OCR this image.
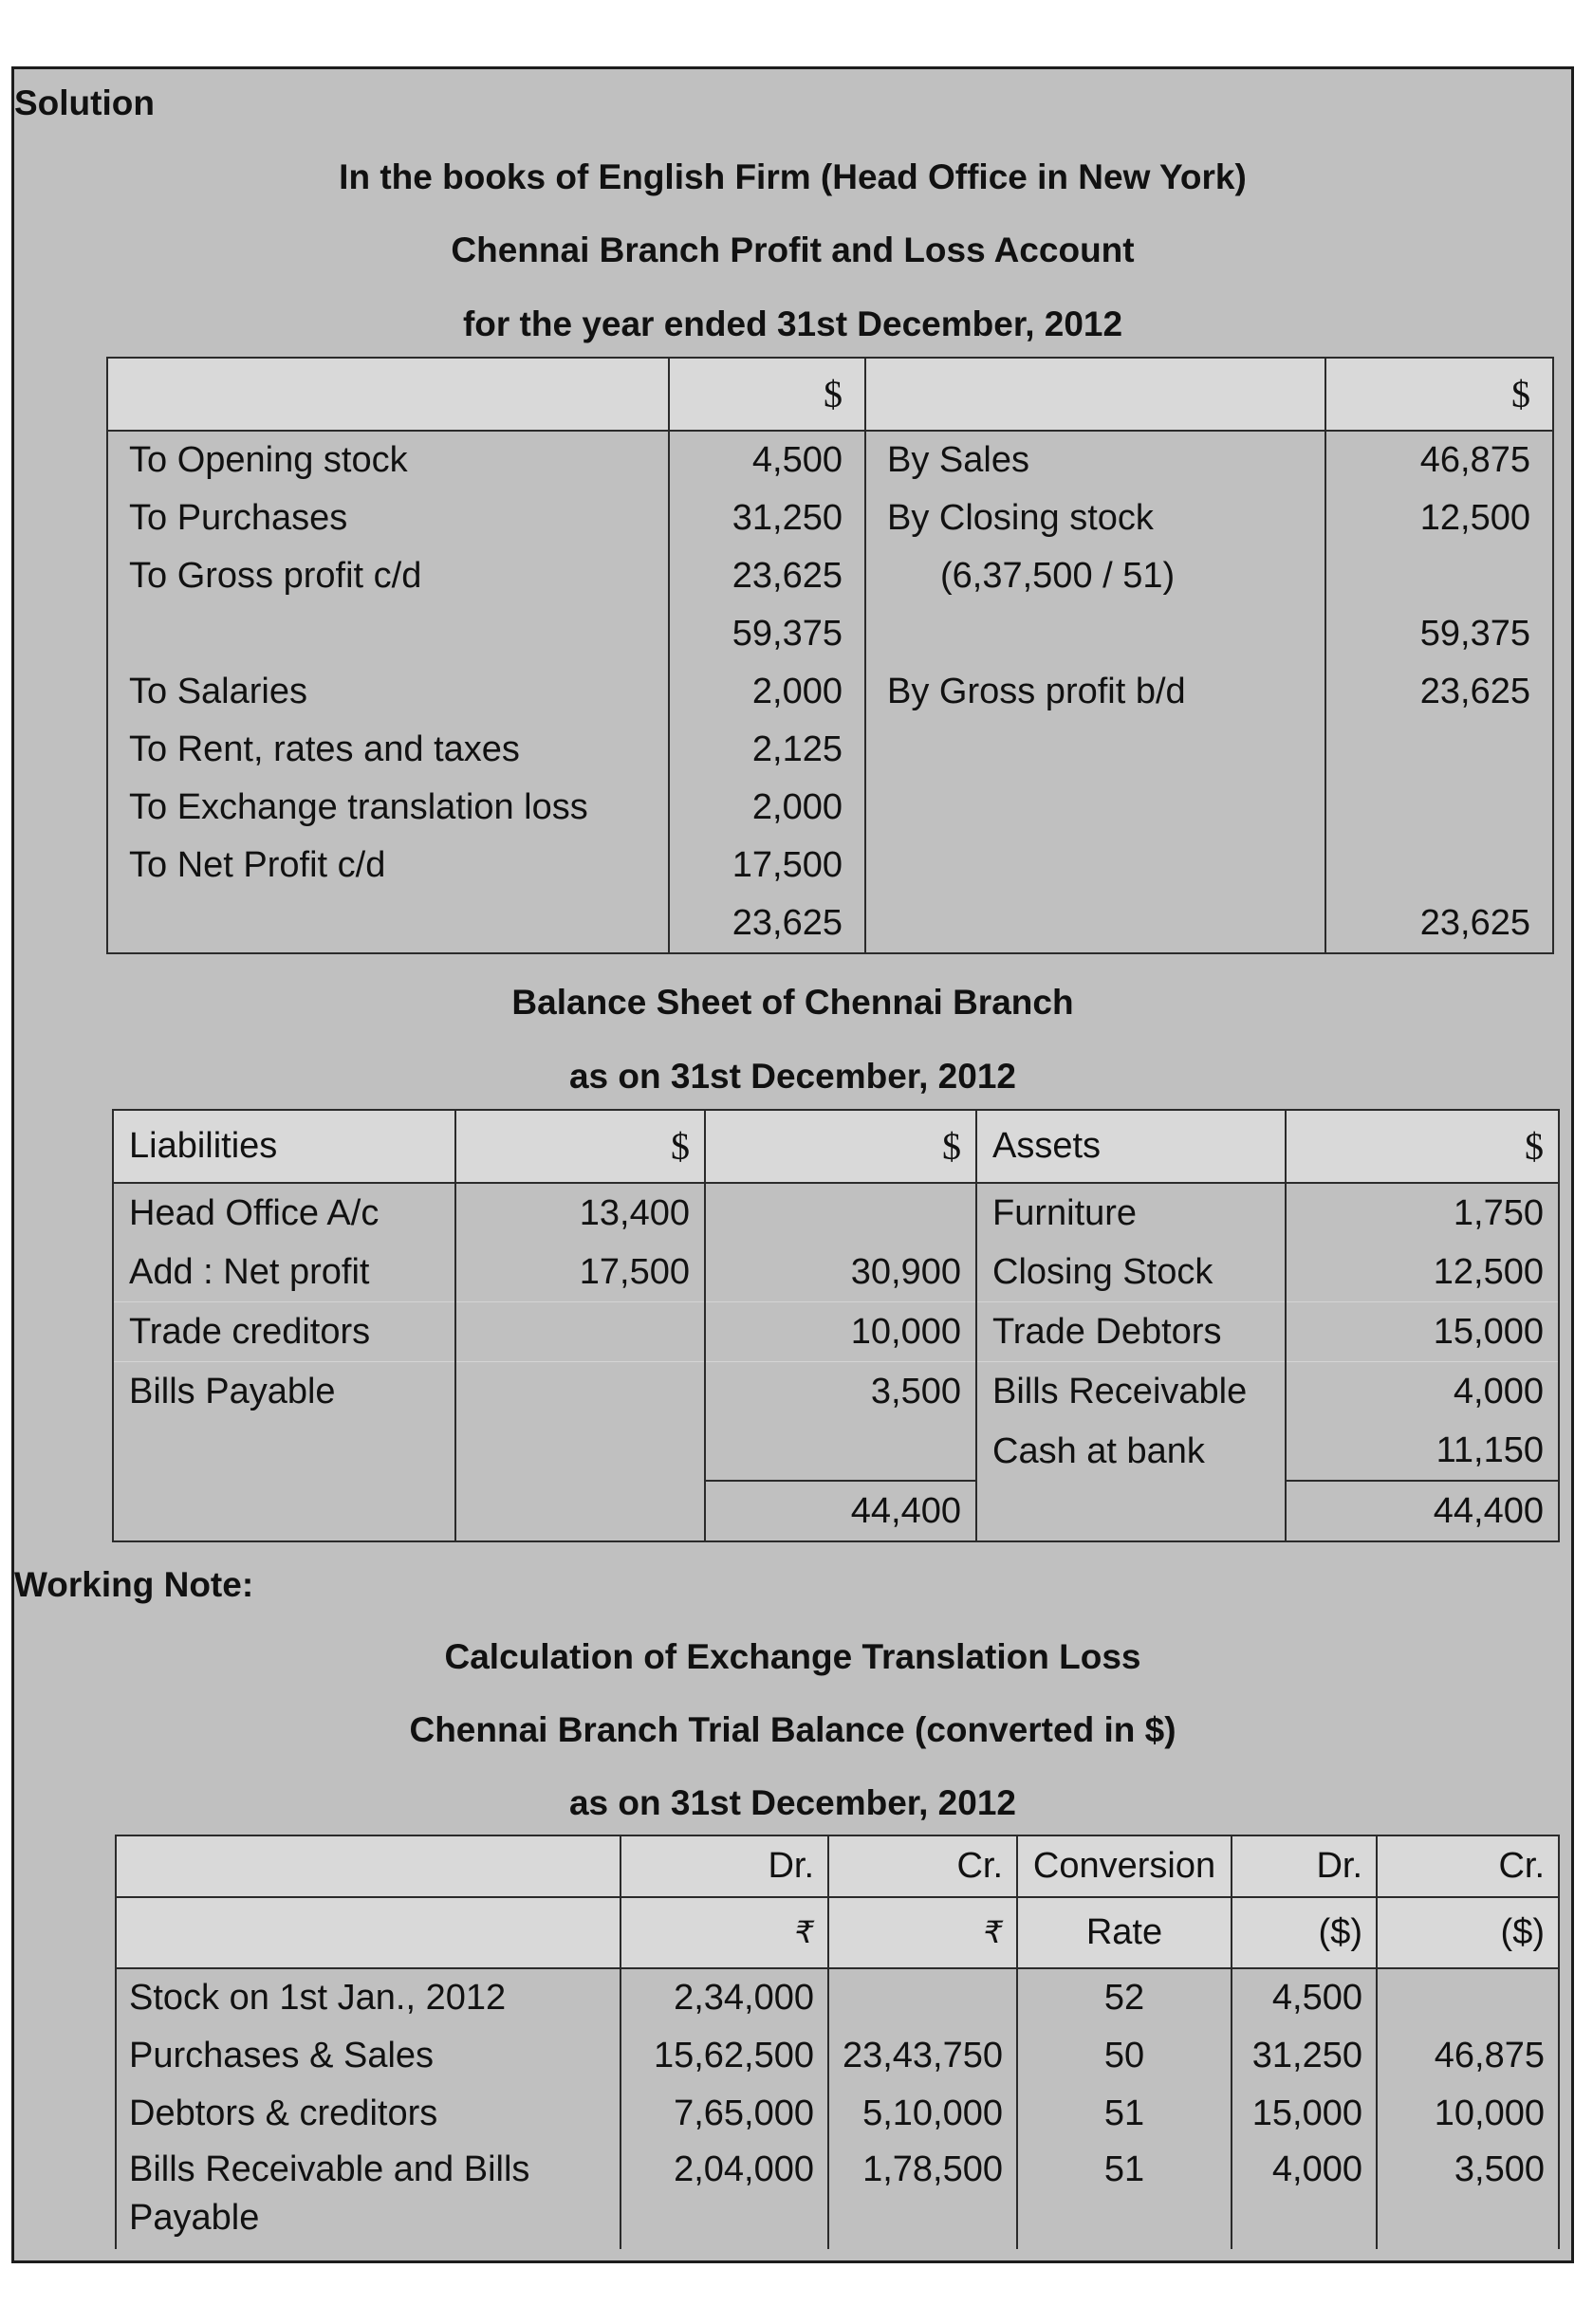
Solution
In the books of English Firm (Head Office in New York)
Chennai Branch Profit and Loss Account
for the year ended 31st December, 2012
	$		$
To Opening stock	4,500	By Sales	46,875
To Purchases	31,250	By Closing stock	12,500
To Gross profit c/d	23,625	(6,37,500 / 51)	
	59,375		59,375
To Salaries	2,000	By Gross profit b/d	23,625
To Rent, rates and taxes	2,125		
To Exchange translation loss	2,000		
To Net Profit c/d	17,500		
	23,625		23,625
Balance Sheet of Chennai Branch
as on 31st December, 2012
Liabilities	$	$	Assets	$
Head Office A/c	13,400		Furniture	1,750
Add : Net profit	17,500	30,900	Closing Stock	12,500
Trade creditors		10,000	Trade Debtors	15,000
Bills Payable		3,500	Bills Receivable	4,000
			Cash at bank	11,150
		44,400		44,400
Working Note:
Calculation of Exchange Translation Loss
Chennai Branch Trial Balance (converted in $)
as on 31st December, 2012
	Dr.	Cr.	Conversion	Dr.	Cr.
	₹	₹	Rate	($)	($)
Stock on 1st Jan., 2012	2,34,000		52	4,500	
Purchases & Sales	15,62,500	23,43,750	50	31,250	46,875
Debtors & creditors	7,65,000	5,10,000	51	15,000	10,000

Bills Receivable and Bills Payable	2,04,000	1,78,500	51	4,000	3,500
